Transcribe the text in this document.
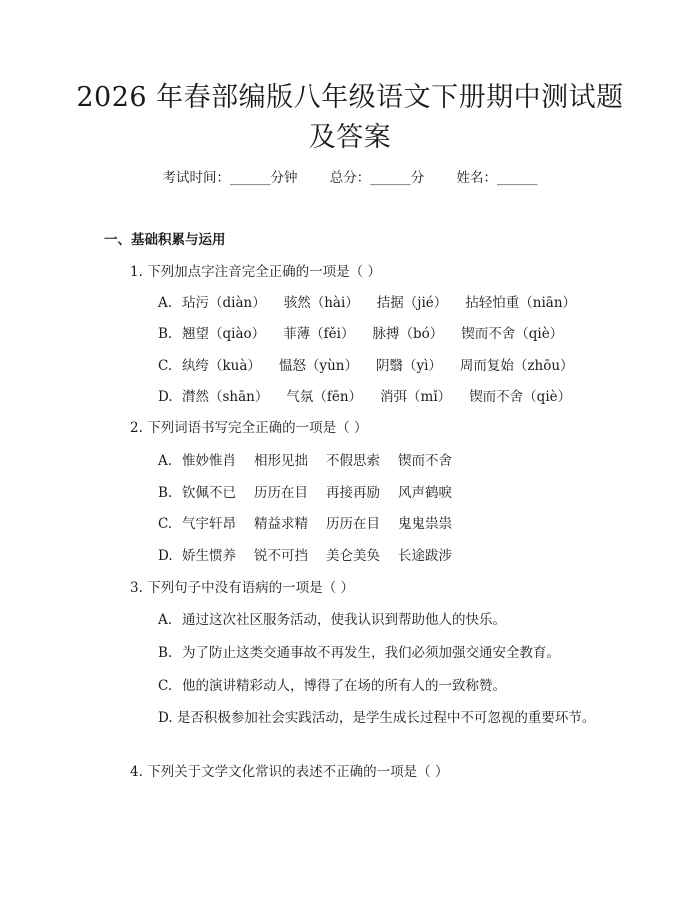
2026 年春部编版八年级语文下册期中测试题
及答案
考试时间：______分钟 总分：______分 姓名：______
一、基础积累与运用
1. 下列加点字注音完全正确的一项是（ ）
A. 玷污（diàn） 骇然（hài） 拮据（jié） 拈轻怕重（niān）
B. 翘望（qiào） 菲薄（fěi） 脉搏（bó） 锲而不舍（qiè）
C. 纨绔（kuà） 愠怒（yùn） 阴翳（yì） 周而复始（zhōu）
D. 潸然（shān） 气氛（fēn） 消弭（mǐ） 锲而不舍（qiè）
2. 下列词语书写完全正确的一项是（ ）
A. 惟妙惟肖 相形见拙 不假思索 锲而不舍
B. 钦佩不已 历历在目 再接再励 风声鹤唳
C. 气宇轩昂 精益求精 历历在目 鬼鬼祟祟
D. 娇生惯养 锐不可挡 美仑美奂 长途跋涉
3. 下列句子中没有语病的一项是（ ）
A. 通过这次社区服务活动，使我认识到帮助他人的快乐。
B. 为了防止这类交通事故不再发生，我们必须加强交通安全教育。
C. 他的演讲精彩动人，博得了在场的所有人的一致称赞。
D. 是否积极参加社会实践活动，是学生成长过程中不可忽视的重要环节。
4. 下列关于文学文化常识的表述不正确的一项是（ ）
